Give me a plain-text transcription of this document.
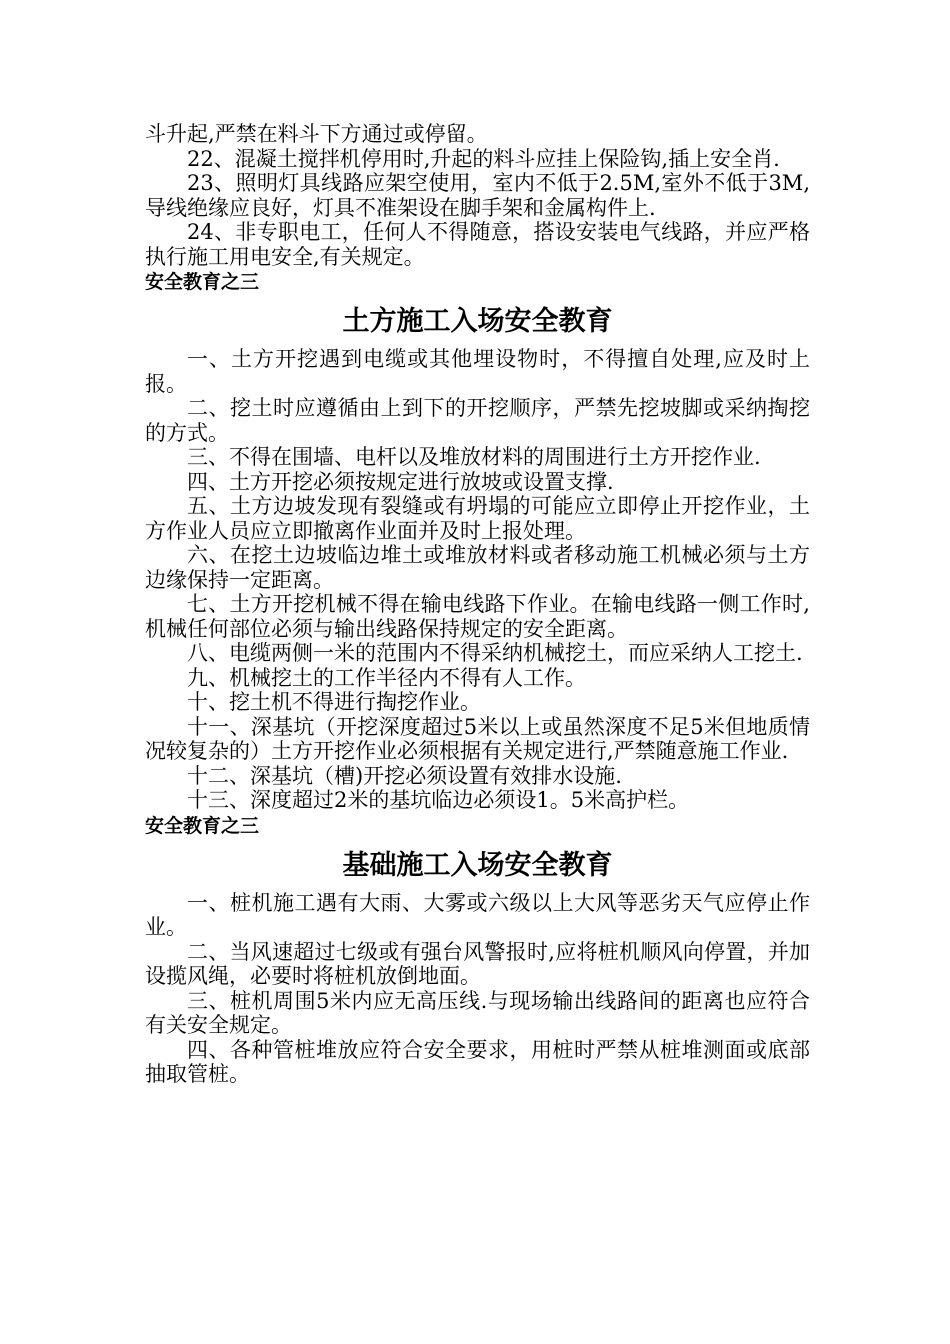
斗升起,严禁在料斗下方通过或停留。

22、混凝土搅拌机停用时,升起的料斗应挂上保险钩,插上安全肖.

23、照明灯具线路应架空使用，室内不低于2.5M,室外不低于3M,导线绝缘应良好，灯具不准架设在脚手架和金属构件上.

24、非专职电工，任何人不得随意，搭设安装电气线路，并应严格执行施工用电安全,有关规定。

安全教育之三

土方施工入场安全教育

一、土方开挖遇到电缆或其他埋设物时，不得擅自处理,应及时上报。

二、挖土时应遵循由上到下的开挖顺序，严禁先挖坡脚或采纳掏挖的方式。

三、不得在围墙、电杆以及堆放材料的周围进行土方开挖作业.

四、土方开挖必须按规定进行放坡或设置支撑.

五、土方边坡发现有裂缝或有坍塌的可能应立即停止开挖作业，土方作业人员应立即撤离作业面并及时上报处理。

六、在挖土边坡临边堆土或堆放材料或者移动施工机械必须与土方边缘保持一定距离。

七、土方开挖机械不得在输电线路下作业。在输电线路一侧工作时,机械任何部位必须与输出线路保持规定的安全距离。

八、电缆两侧一米的范围内不得采纳机械挖土，而应采纳人工挖土.

九、机械挖土的工作半径内不得有人工作。

十、挖土机不得进行掏挖作业。

十一、深基坑（开挖深度超过5米以上或虽然深度不足5米但地质情况较复杂的）土方开挖作业必须根据有关规定进行,严禁随意施工作业.

十二、深基坑（槽)开挖必须设置有效排水设施.

十三、深度超过2米的基坑临边必须设1。5米高护栏。

安全教育之三

基础施工入场安全教育

一、桩机施工遇有大雨、大雾或六级以上大风等恶劣天气应停止作业。

二、当风速超过七级或有强台风警报时,应将桩机顺风向停置，并加设揽风绳，必要时将桩机放倒地面。

三、桩机周围5米内应无高压线.与现场输出线路间的距离也应符合有关安全规定。

四、各种管桩堆放应符合安全要求，用桩时严禁从桩堆测面或底部抽取管桩。
